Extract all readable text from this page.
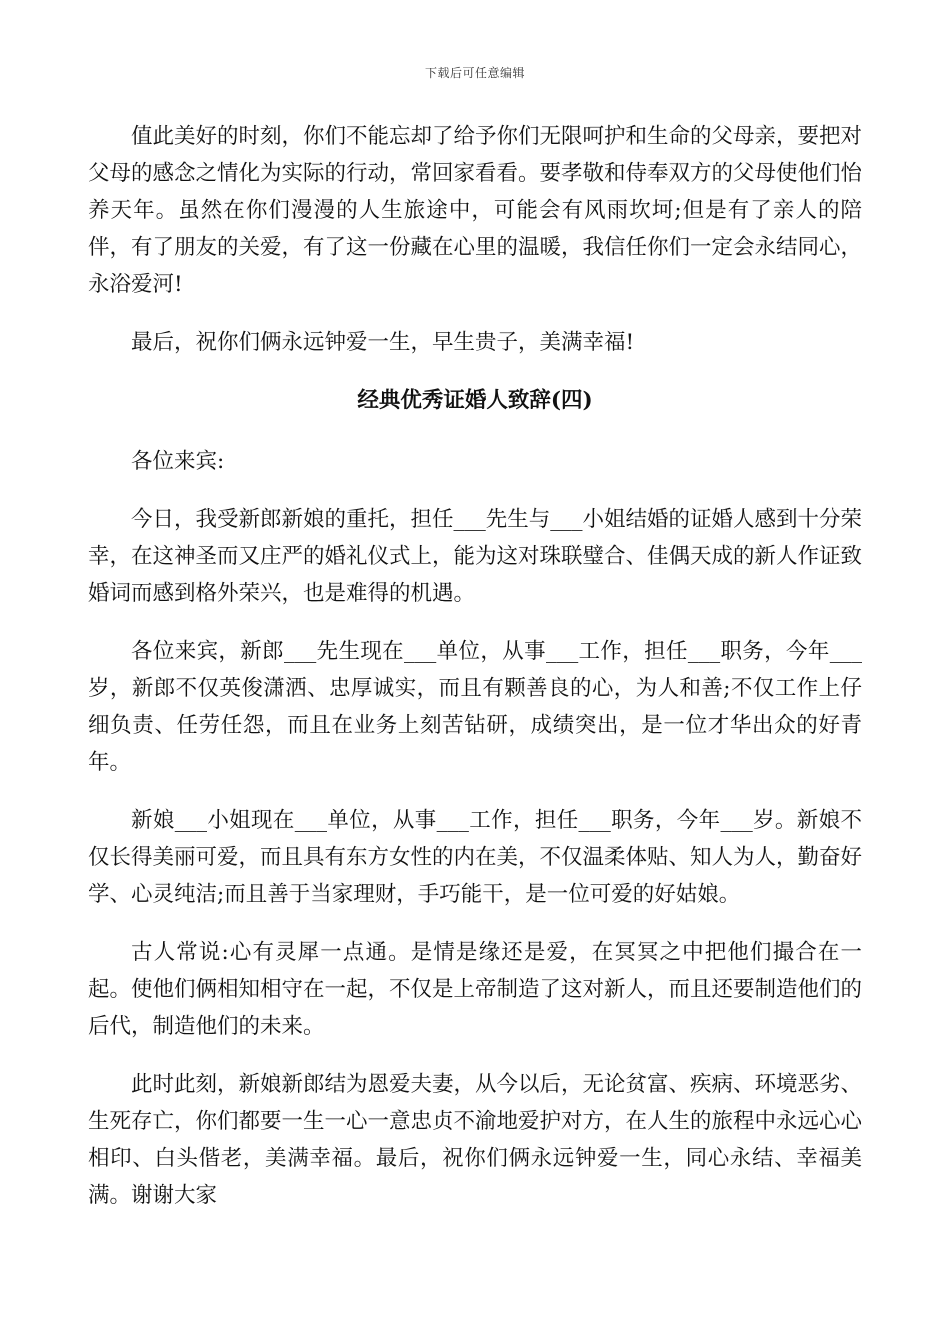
下载后可任意编辑

值此美好的时刻，你们不能忘却了给予你们无限呵护和生命的父母亲，要把对父母的感念之情化为实际的行动，常回家看看。要孝敬和侍奉双方的父母使他们怡养天年。虽然在你们漫漫的人生旅途中，可能会有风雨坎坷;但是有了亲人的陪伴，有了朋友的关爱，有了这一份藏在心里的温暖，我信任你们一定会永结同心，永浴爱河!

最后，祝你们俩永远钟爱一生，早生贵子，美满幸福!

经典优秀证婚人致辞(四)

各位来宾:

今日，我受新郎新娘的重托，担任___先生与___小姐结婚的证婚人感到十分荣幸，在这神圣而又庄严的婚礼仪式上，能为这对珠联璧合、佳偶天成的新人作证致婚词而感到格外荣兴，也是难得的机遇。

各位来宾，新郎___先生现在___单位，从事___工作，担任___职务，今年___岁，新郎不仅英俊潇洒、忠厚诚实，而且有颗善良的心，为人和善;不仅工作上仔细负责、任劳任怨，而且在业务上刻苦钻研，成绩突出，是一位才华出众的好青年。

新娘___小姐现在___单位，从事___工作，担任___职务，今年___岁。新娘不仅长得美丽可爱，而且具有东方女性的内在美，不仅温柔体贴、知人为人，勤奋好学、心灵纯洁;而且善于当家理财，手巧能干，是一位可爱的好姑娘。

古人常说:心有灵犀一点通。是情是缘还是爱，在冥冥之中把他们撮合在一起。使他们俩相知相守在一起，不仅是上帝制造了这对新人，而且还要制造他们的后代，制造他们的未来。

此时此刻，新娘新郎结为恩爱夫妻，从今以后，无论贫富、疾病、环境恶劣、生死存亡，你们都要一生一心一意忠贞不渝地爱护对方，在人生的旅程中永远心心相印、白头偕老，美满幸福。最后，祝你们俩永远钟爱一生，同心永结、幸福美满。谢谢大家
